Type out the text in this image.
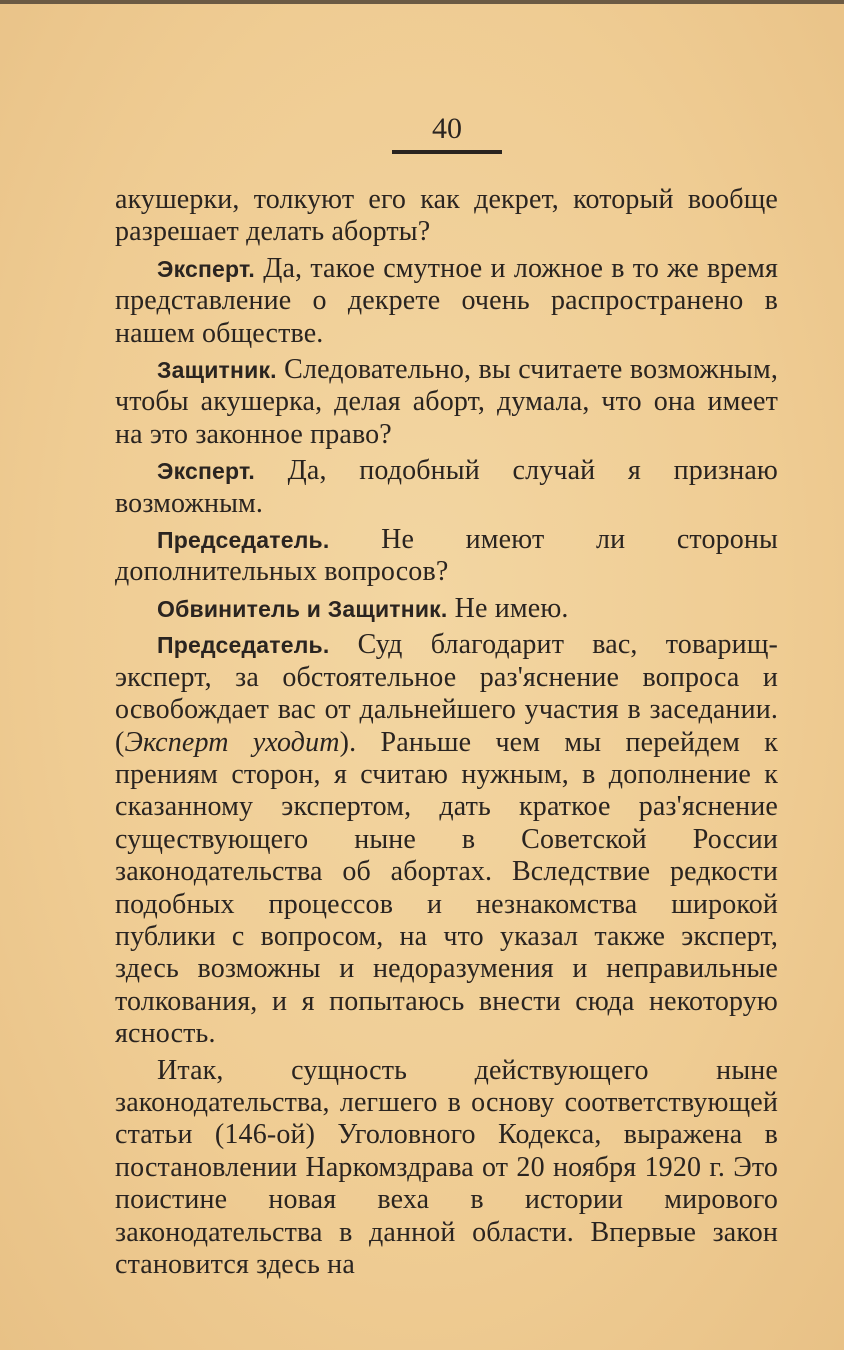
40

акушерки, толкуют его как декрет, который вообще разрешает делать аборты?

Эксперт. Да, такое смутное и ложное в то же время представление о декрете очень распространено в нашем обществе.

Защитник. Следовательно, вы считаете возможным, чтобы акушерка, делая аборт, думала, что она имеет на это законное право?

Эксперт. Да, подобный случай я признаю возможным.

Председатель. Не имеют ли стороны дополнительных вопросов?

Обвинитель и Защитник. Не имею.

Председатель. Суд благодарит вас, товарищ-эксперт, за обстоятельное раз'яснение вопроса и освобождает вас от дальнейшего участия в заседании. (Эксперт уходит). Раньше чем мы перейдем к прениям сторон, я считаю нужным, в дополнение к сказанному экспертом, дать краткое раз'яснение существующего ныне в Советской России законодательства об абортах. Вследствие редкости подобных процессов и незнакомства широкой публики с вопросом, на что указал также эксперт, здесь возможны и недоразумения и неправильные толкования, и я попытаюсь внести сюда некоторую ясность.

Итак, сущность действующего ныне законодательства, легшего в основу соответствующей статьи (146-ой) Уголовного Кодекса, выражена в постановлении Наркомздрава от 20 ноября 1920 г. Это поистине новая веха в истории мирового законодательства в данной области. Впервые закон становится здесь на
